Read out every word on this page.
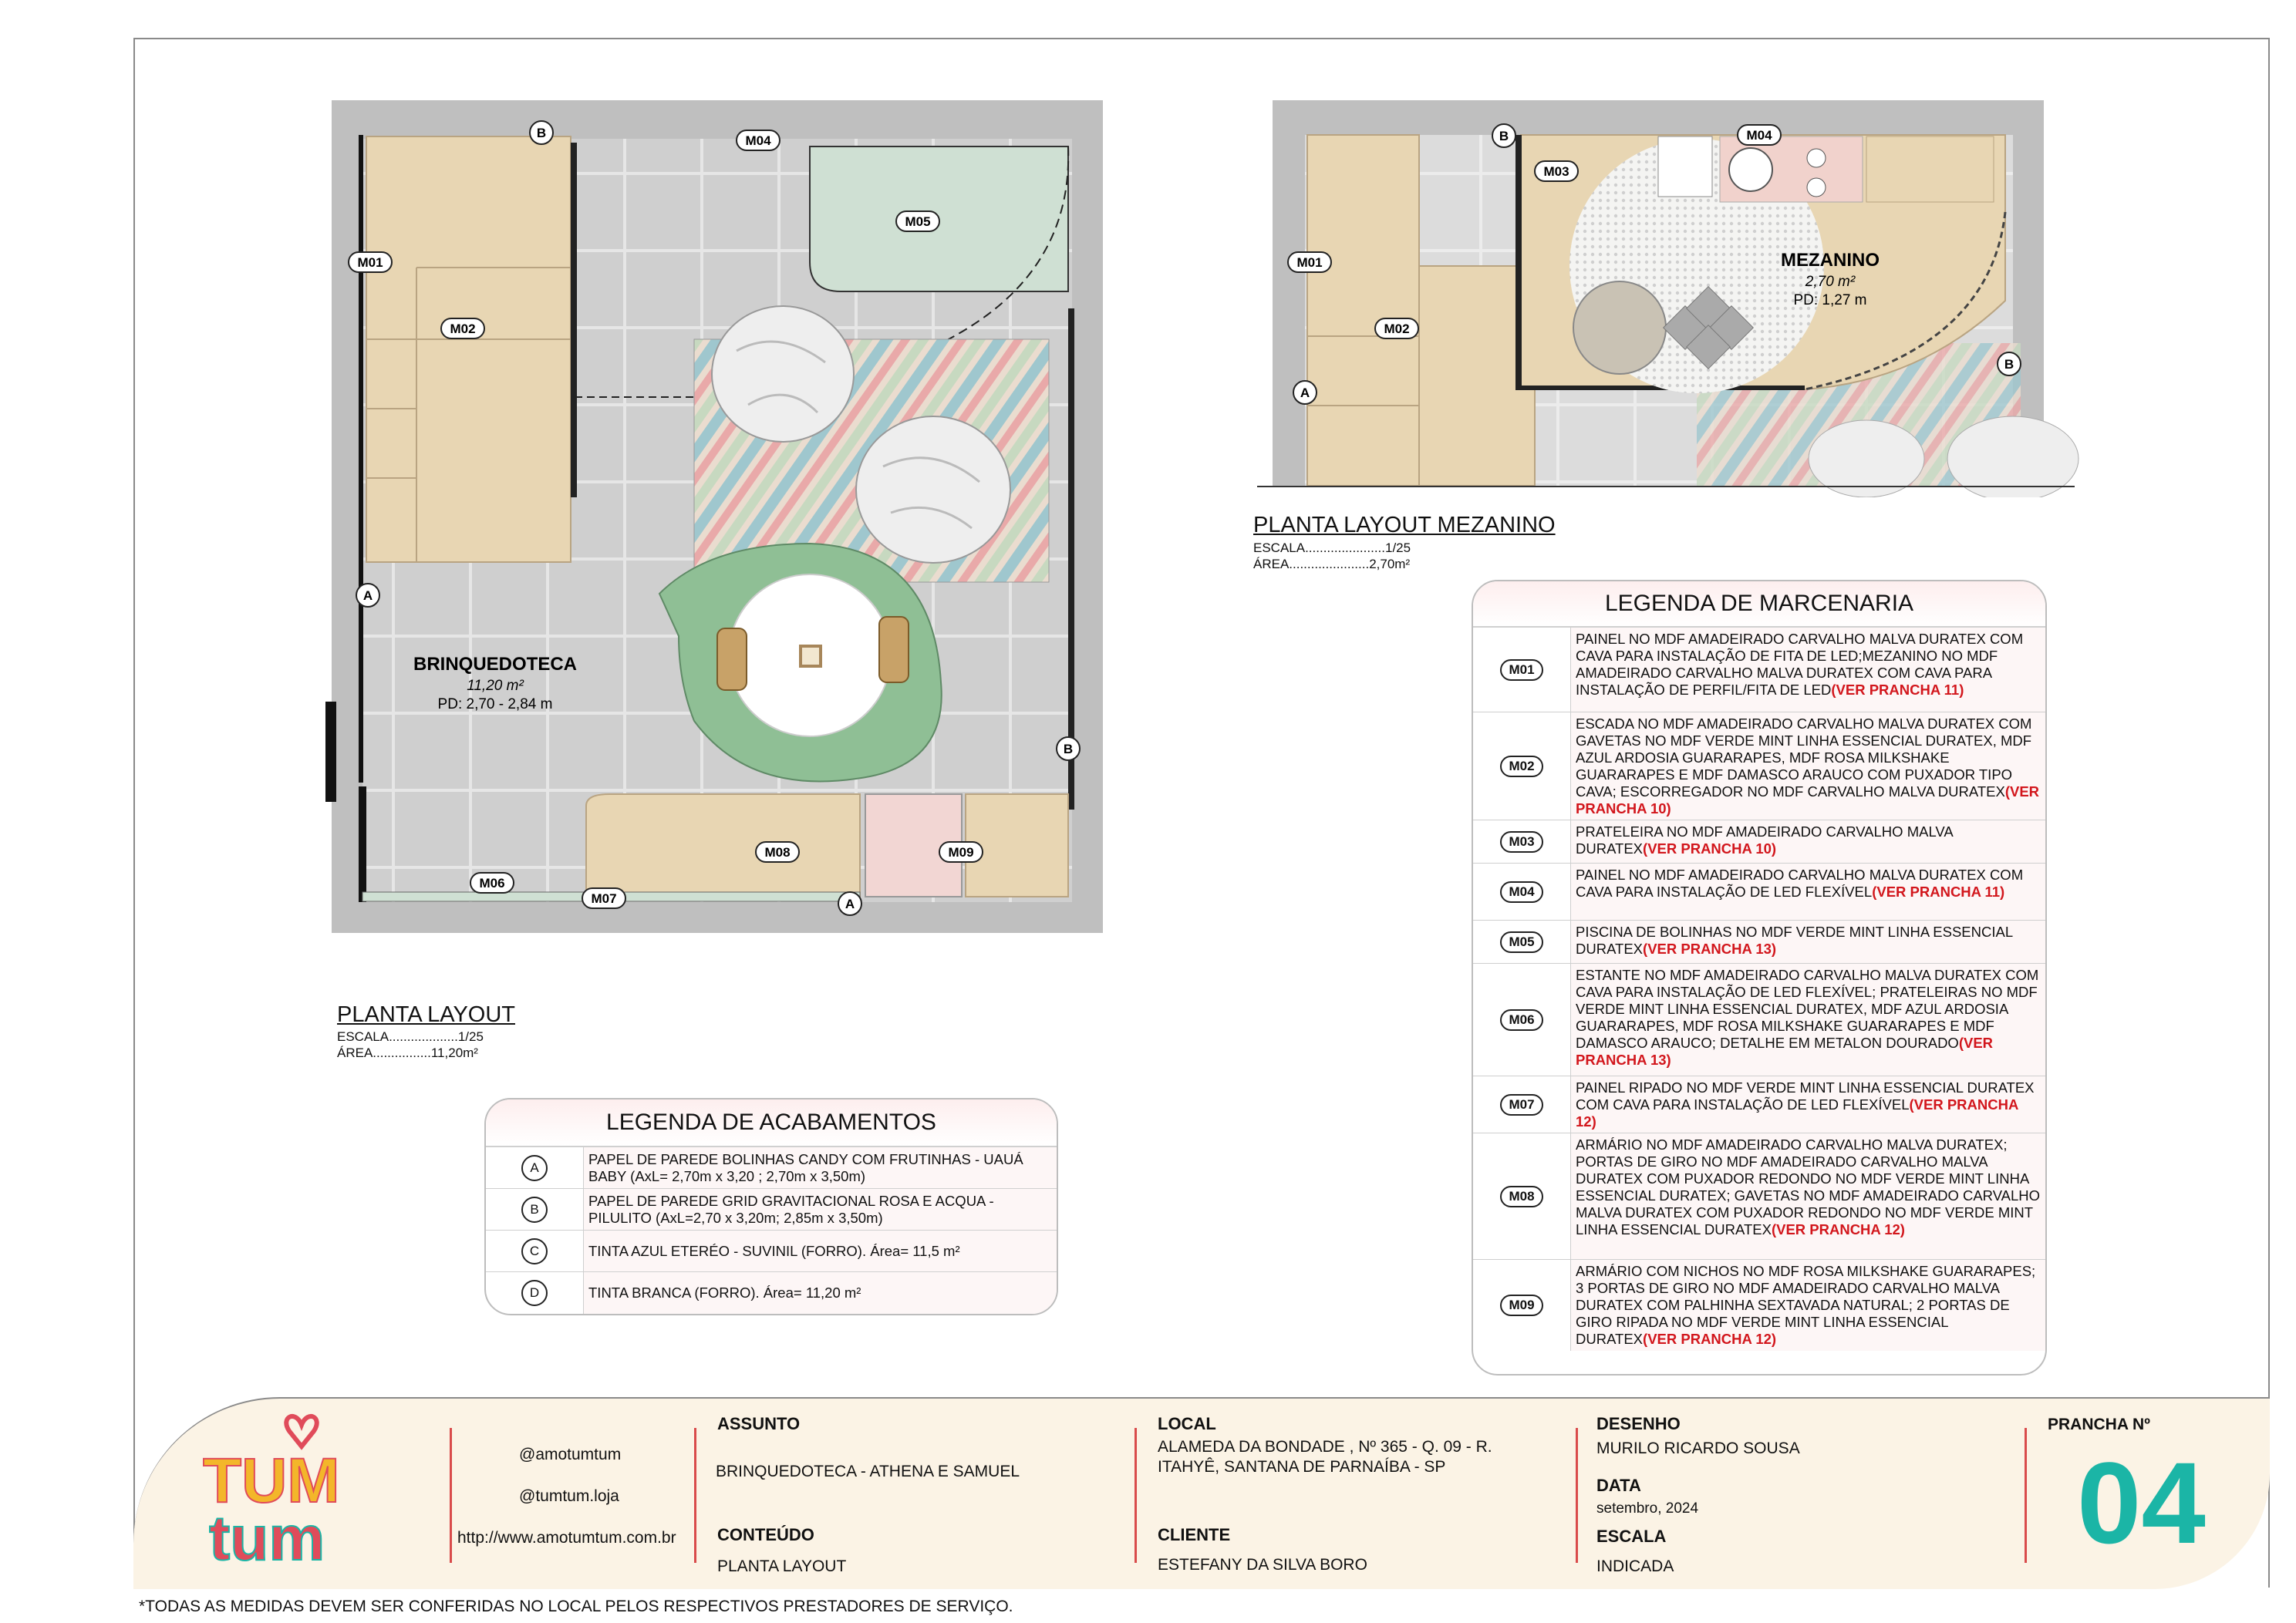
M01
M02
M04
M05
M06
M07
M08	M09
B
B
A
A
BRINQUEDOTECA
11,20 m²
PD: 2,70 - 2,84 m
PLANTA LAYOUT
ESCALA...................1/25
ÁREA................11,20m²
M01
M02
M03
M04
B
B
A
MEZANINO
2,70 m²
PD: 1,27 m
PLANTA LAYOUT MEZANINO
ESCALA......................1/25
ÁREA......................2,70m²
LEGENDA DE ACABAMENTOS
A
PAPEL DE PAREDE BOLINHAS CANDY COM FRUTINHAS - UAUÁ BABY (AxL= 2,70m x 3,20 ; 2,70m x 3,50m)
B
PAPEL DE PAREDE GRID GRAVITACIONAL ROSA E ACQUA - PILULITO (AxL=2,70 x 3,20m; 2,85m x 3,50m)
C	TINTA AZUL ETERÉO - SUVINIL (FORRO). Área= 11,5 m²
D	TINTA BRANCA (FORRO). Área= 11,20 m²
LEGENDA DE MARCENARIA
M01
PAINEL NO MDF AMADEIRADO CARVALHO MALVA DURATEX COM CAVA PARA INSTALAÇÃO DE FITA DE LED;MEZANINO NO MDF AMADEIRADO CARVALHO MALVA DURATEX COM CAVA PARA INSTALAÇÃO DE PERFIL/FITA DE LED(VER PRANCHA 11)
M02
ESCADA NO MDF AMADEIRADO CARVALHO MALVA DURATEX COM GAVETAS NO MDF VERDE MINT LINHA ESSENCIAL DURATEX, MDF AZUL ARDOSIA GUARARAPES, MDF ROSA MILKSHAKE GUARARAPES E MDF DAMASCO ARAUCO COM PUXADOR TIPO CAVA; ESCORREGADOR NO MDF CARVALHO MALVA DURATEX(VER PRANCHA 10)
M03
PRATELEIRA NO MDF AMADEIRADO CARVALHO MALVA DURATEX(VER PRANCHA 10)
M04
PAINEL NO MDF AMADEIRADO CARVALHO MALVA DURATEX COM CAVA PARA INSTALAÇÃO DE LED FLEXÍVEL(VER PRANCHA 11)
M05
PISCINA DE BOLINHAS NO MDF VERDE MINT LINHA ESSENCIAL DURATEX(VER PRANCHA 13)
M06
ESTANTE NO MDF AMADEIRADO CARVALHO MALVA DURATEX COM CAVA PARA INSTALAÇÃO DE LED FLEXÍVEL; PRATELEIRAS NO MDF VERDE MINT LINHA ESSENCIAL DURATEX, MDF AZUL ARDOSIA GUARARAPES, MDF ROSA MILKSHAKE GUARARAPES E MDF DAMASCO ARAUCO; DETALHE EM METALON DOURADO(VER PRANCHA 13)
M07
PAINEL RIPADO NO MDF VERDE MINT LINHA ESSENCIAL DURATEX COM CAVA PARA INSTALAÇÃO DE LED FLEXÍVEL(VER PRANCHA 12)
M08
ARMÁRIO NO MDF AMADEIRADO CARVALHO MALVA DURATEX; PORTAS DE GIRO NO MDF AMADEIRADO CARVALHO MALVA DURATEX COM PUXADOR REDONDO NO MDF VERDE MINT LINHA ESSENCIAL DURATEX; GAVETAS NO MDF AMADEIRADO CARVALHO MALVA DURATEX COM PUXADOR REDONDO NO MDF VERDE MINT LINHA ESSENCIAL DURATEX(VER PRANCHA 12)
M09
ARMÁRIO COM NICHOS NO MDF ROSA MILKSHAKE GUARARAPES; 3 PORTAS DE GIRO NO MDF AMADEIRADO CARVALHO MALVA DURATEX COM PALHINHA SEXTAVADA NATURAL; 2 PORTAS DE GIRO RIPADA NO MDF VERDE MINT LINHA ESSENCIAL DURATEX(VER PRANCHA 12)
TUM
tum
@amotumtum
@tumtum.loja
http://www.amotumtum.com.br
ASSUNTO
BRINQUEDOTECA - ATHENA E SAMUEL
CONTEÚDO
PLANTA LAYOUT
LOCAL
ALAMEDA DA BONDADE , Nº 365 - Q. 09 - R. ITAHYÊ, SANTANA DE PARNAÍBA - SP
CLIENTE
ESTEFANY DA SILVA BORO
DESENHO
MURILO RICARDO SOUSA
DATA
setembro, 2024
ESCALA
INDICADA
PRANCHA Nº
04
*TODAS AS MEDIDAS DEVEM SER CONFERIDAS NO LOCAL PELOS RESPECTIVOS PRESTADORES DE SERVIÇO.
